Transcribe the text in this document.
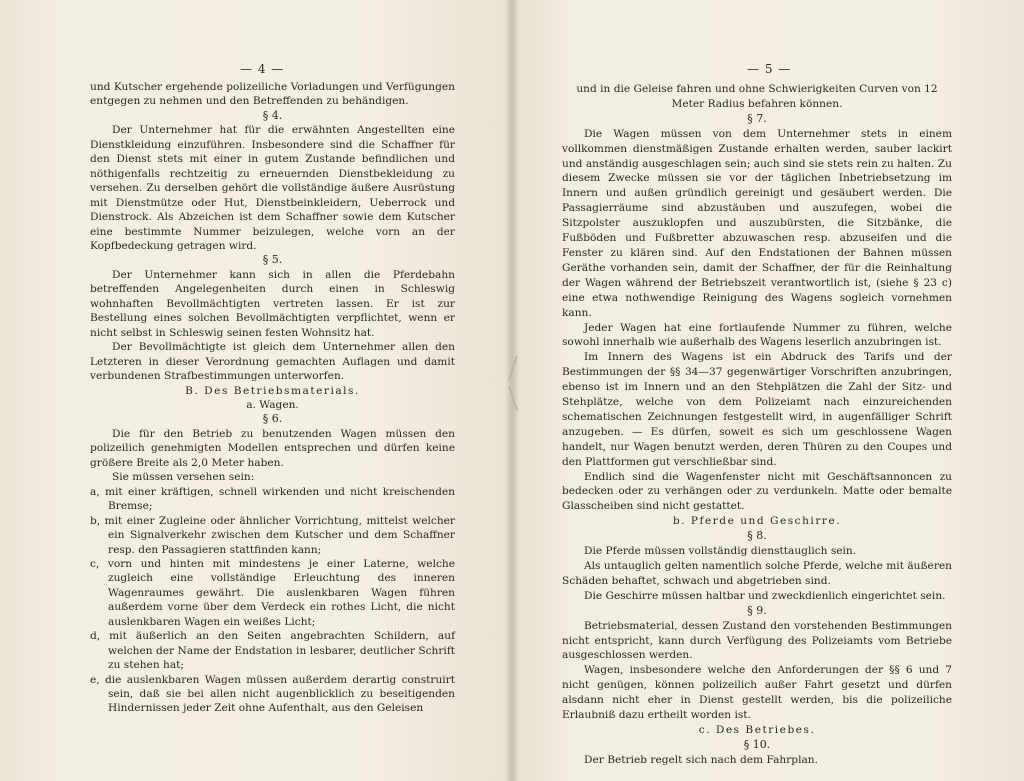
— 4 —

und Kutscher ergehende polizeiliche Vorladungen und Verfügungen entgegen zu nehmen und den Betreffenden zu behändigen.

§ 4.

Der Unternehmer hat für die erwähnten Angestellten eine Dienstkleidung einzuführen. Insbesondere sind die Schaffner für den Dienst stets mit einer in gutem Zustande befindlichen und nöthigenfalls rechtzeitig zu erneuernden Dienstbekleidung zu versehen. Zu derselben gehört die vollständige äußere Ausrüstung mit Dienstmütze oder Hut, Dienstbeinkleidern, Ueberrock und Dienstrock. Als Abzeichen ist dem Schaffner sowie dem Kutscher eine bestimmte Nummer beizulegen, welche vorn an der Kopfbedeckung getragen wird.

§ 5.

Der Unternehmer kann sich in allen die Pferdebahn betreffenden Angelegenheiten durch einen in Schleswig wohnhaften Bevollmächtigten vertreten lassen. Er ist zur Bestellung eines solchen Bevollmächtigten verpflichtet, wenn er nicht selbst in Schleswig seinen festen Wohnsitz hat.

Der Bevollmächtigte ist gleich dem Unternehmer allen den Letzteren in dieser Verordnung gemachten Auflagen und damit verbundenen Strafbestimmungen unterworfen.

B. Des Betriebsmaterials.

a. Wagen.

§ 6.

Die für den Betrieb zu benutzenden Wagen müssen den polizeilich genehmigten Modellen entsprechen und dürfen keine größere Breite als 2,0 Meter haben.

Sie müssen versehen sein:

a, mit einer kräftigen, schnell wirkenden und nicht kreischenden Bremse;

b, mit einer Zugleine oder ähnlicher Vorrichtung, mittelst welcher ein Signalverkehr zwischen dem Kutscher und dem Schaffner resp. den Passagieren stattfinden kann;

c, vorn und hinten mit mindestens je einer Laterne, welche zugleich eine vollständige Erleuchtung des inneren Wagenraumes gewährt. Die auslenkbaren Wagen führen außerdem vorne über dem Verdeck ein rothes Licht, die nicht auslenkbaren Wagen ein weißes Licht;

d, mit äußerlich an den Seiten angebrachten Schildern, auf welchen der Name der Endstation in lesbarer, deutlicher Schrift zu stehen hat;

e, die auslenkbaren Wagen müssen außerdem derartig construirt sein, daß sie bei allen nicht augenblicklich zu beseitigenden Hindernissen jeder Zeit ohne Aufenthalt, aus den Geleisen

— 5 —

und in die Geleise fahren und ohne Schwierigkeiten Curven von 12 Meter Radius befahren können.

§ 7.

Die Wagen müssen von dem Unternehmer stets in einem vollkommen dienstmäßigen Zustande erhalten werden, sauber lackirt und anständig ausgeschlagen sein; auch sind sie stets rein zu halten. Zu diesem Zwecke müssen sie vor der täglichen Inbetriebsetzung im Innern und außen gründlich gereinigt und gesäubert werden. Die Passagierräume sind abzustäuben und auszufegen, wobei die Sitzpolster auszuklopfen und auszubürsten, die Sitzbänke, die Fußböden und Fußbretter abzuwaschen resp. abzuseifen und die Fenster zu klären sind. Auf den Endstationen der Bahnen müssen Geräthe vorhanden sein, damit der Schaffner, der für die Reinhaltung der Wagen während der Betriebszeit verantwortlich ist, (siehe § 23 c) eine etwa nothwendige Reinigung des Wagens sogleich vornehmen kann.

Jeder Wagen hat eine fortlaufende Nummer zu führen, welche sowohl innerhalb wie außerhalb des Wagens leserlich anzubringen ist.

Im Innern des Wagens ist ein Abdruck des Tarifs und der Bestimmungen der §§ 34—37 gegenwärtiger Vorschriften anzubringen, ebenso ist im Innern und an den Stehplätzen die Zahl der Sitz- und Stehplätze, welche von dem Polizeiamt nach einzureichenden schematischen Zeichnungen festgestellt wird, in augenfälliger Schrift anzugeben. — Es dürfen, soweit es sich um geschlossene Wagen handelt, nur Wagen benutzt werden, deren Thüren zu den Coupes und den Plattformen gut verschließbar sind.

Endlich sind die Wagenfenster nicht mit Geschäftsannoncen zu bedecken oder zu verhängen oder zu verdunkeln. Matte oder bemalte Glasscheiben sind nicht gestattet.

b. Pferde und Geschirre.

§ 8.

Die Pferde müssen vollständig diensttauglich sein.

Als untauglich gelten namentlich solche Pferde, welche mit äußeren Schäden behaftet, schwach und abgetrieben sind.

Die Geschirre müssen haltbar und zweckdienlich eingerichtet sein.

§ 9.

Betriebsmaterial, dessen Zustand den vorstehenden Bestimmungen nicht entspricht, kann durch Verfügung des Polizeiamts vom Betriebe ausgeschlossen werden.

Wagen, insbesondere welche den Anforderungen der §§ 6 und 7 nicht genügen, können polizeilich außer Fahrt gesetzt und dürfen alsdann nicht eher in Dienst gestellt werden, bis die polizeiliche Erlaubniß dazu ertheilt worden ist.

c. Des Betriebes.

§ 10.

Der Betrieb regelt sich nach dem Fahrplan.
